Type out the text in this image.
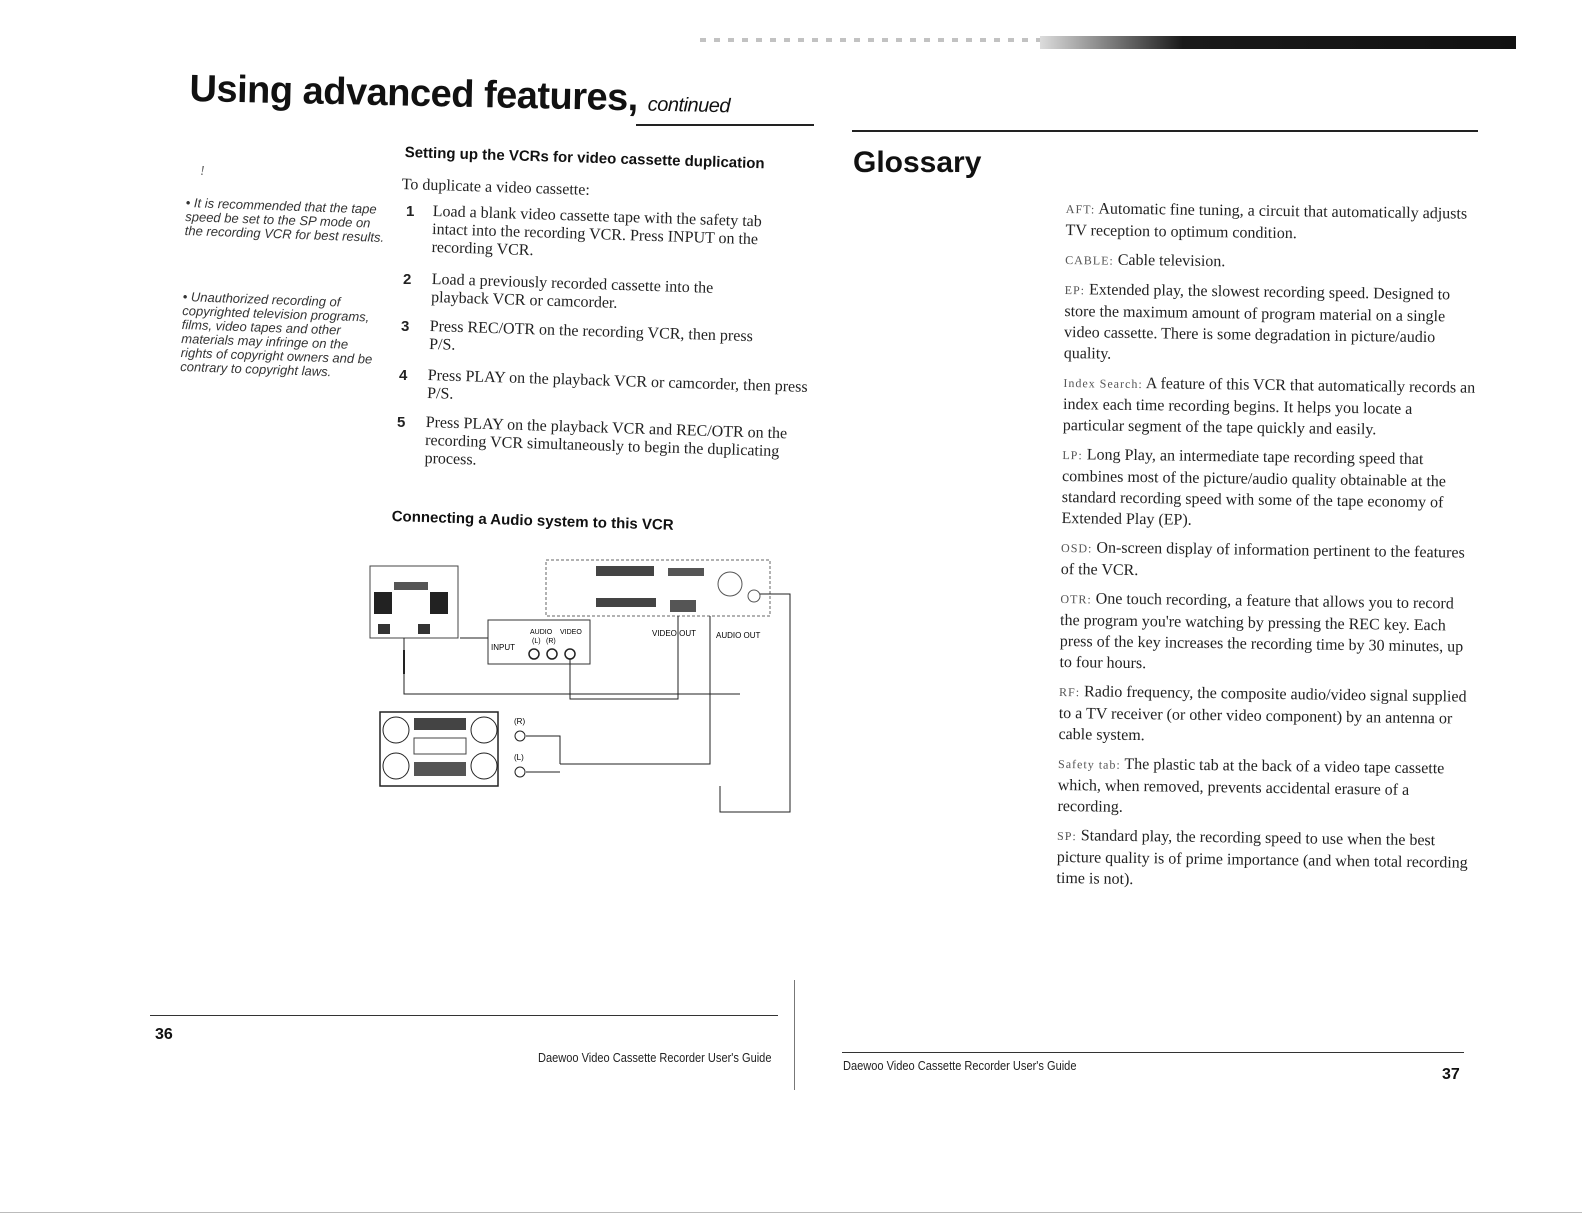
Using advanced features, continued
!
• It is recommended that the tape speed be set to the SP mode on the recording VCR for best results.
• Unauthorized recording of copyrighted television programs, films, video tapes and other materials may infringe on the rights of copyright owners and be contrary to copyright laws.
Setting up the VCRs for video cassette duplication
To duplicate a video cassette:
1 Load a blank video cassette tape with the safety tab intact into the recording VCR. Press INPUT on the recording VCR.
2 Load a previously recorded cassette into the playback VCR or camcorder.
3 Press REC/OTR on the recording VCR, then press P/S.
4 Press PLAY on the playback VCR or camcorder, then press P/S.
5 Press PLAY on the playback VCR and REC/OTR on the recording VCR simultaneously to begin the duplicating process.
Connecting a Audio system to this VCR
INPUT
AUDIO VIDEO
(L) (R)
VIDEO OUT AUDIO OUT
(R)
(L)
36
Daewoo Video Cassette Recorder User's Guide
Glossary

AFT: Automatic fine tuning, a circuit that automatically adjusts TV reception to optimum condition.

CABLE: Cable television.

EP: Extended play, the slowest recording speed. Designed to store the maximum amount of program material on a single video cassette. There is some degradation in picture/audio quality.

Index Search: A feature of this VCR that automatically records an index each time recording begins. It helps you locate a particular segment of the tape quickly and easily.

LP: Long Play, an intermediate tape recording speed that combines most of the picture/audio quality obtainable at the standard recording speed with some of the tape economy of Extended Play (EP).

OSD: On-screen display of information pertinent to the features of the VCR.

OTR: One touch recording, a feature that allows you to record the program you're watching by pressing the REC key. Each press of the key increases the recording time by 30 minutes, up to four hours.

RF: Radio frequency, the composite audio/video signal supplied to a TV receiver (or other video component) by an antenna or cable system.

Safety tab: The plastic tab at the back of a video tape cassette which, when removed, prevents accidental erasure of a recording.

SP: Standard play, the recording speed to use when the best picture quality is of prime importance (and when total recording time is not).

Daewoo Video Cassette Recorder User's Guide
37
